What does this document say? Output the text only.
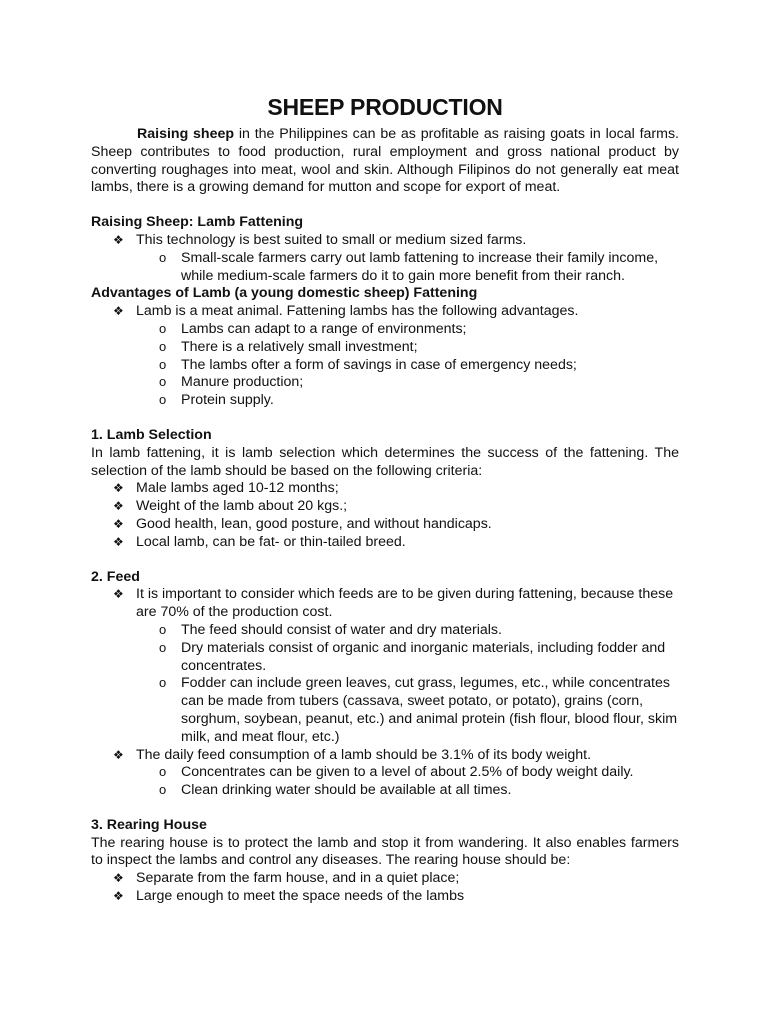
SHEEP PRODUCTION

Raising sheep in the Philippines can be as profitable as raising goats in local farms. Sheep contributes to food production, rural employment and gross national product by converting roughages into meat, wool and skin. Although Filipinos do not generally eat meat lambs, there is a growing demand for mutton and scope for export of meat.

Raising Sheep: Lamb Fattening

❖ This technology is best suited to small or medium sized farms.
o Small-scale farmers carry out lamb fattening to increase their family income, while medium-scale farmers do it to gain more benefit from their ranch.

Advantages of Lamb (a young domestic sheep) Fattening

❖ Lamb is a meat animal. Fattening lambs has the following advantages.
o Lambs can adapt to a range of environments;
o There is a relatively small investment;
o The lambs ofter a form of savings in case of emergency needs;
o Manure production;
o Protein supply.

1. Lamb Selection

In lamb fattening, it is lamb selection which determines the success of the fattening. The selection of the lamb should be based on the following criteria:

❖ Male lambs aged 10-12 months;
❖ Weight of the lamb about 20 kgs.;
❖ Good health, lean, good posture, and without handicaps.
❖ Local lamb, can be fat- or thin-tailed breed.

2. Feed

❖ It is important to consider which feeds are to be given during fattening, because these are 70% of the production cost.
o The feed should consist of water and dry materials.
o Dry materials consist of organic and inorganic materials, including fodder and concentrates.
o Fodder can include green leaves, cut grass, legumes, etc., while concentrates can be made from tubers (cassava, sweet potato, or potato), grains (corn, sorghum, soybean, peanut, etc.) and animal protein (fish flour, blood flour, skim milk, and meat flour, etc.)
❖ The daily feed consumption of a lamb should be 3.1% of its body weight.
o Concentrates can be given to a level of about 2.5% of body weight daily.
o Clean drinking water should be available at all times.

3. Rearing House

The rearing house is to protect the lamb and stop it from wandering. It also enables farmers to inspect the lambs and control any diseases. The rearing house should be:

❖ Separate from the farm house, and in a quiet place;
❖ Large enough to meet the space needs of the lambs
